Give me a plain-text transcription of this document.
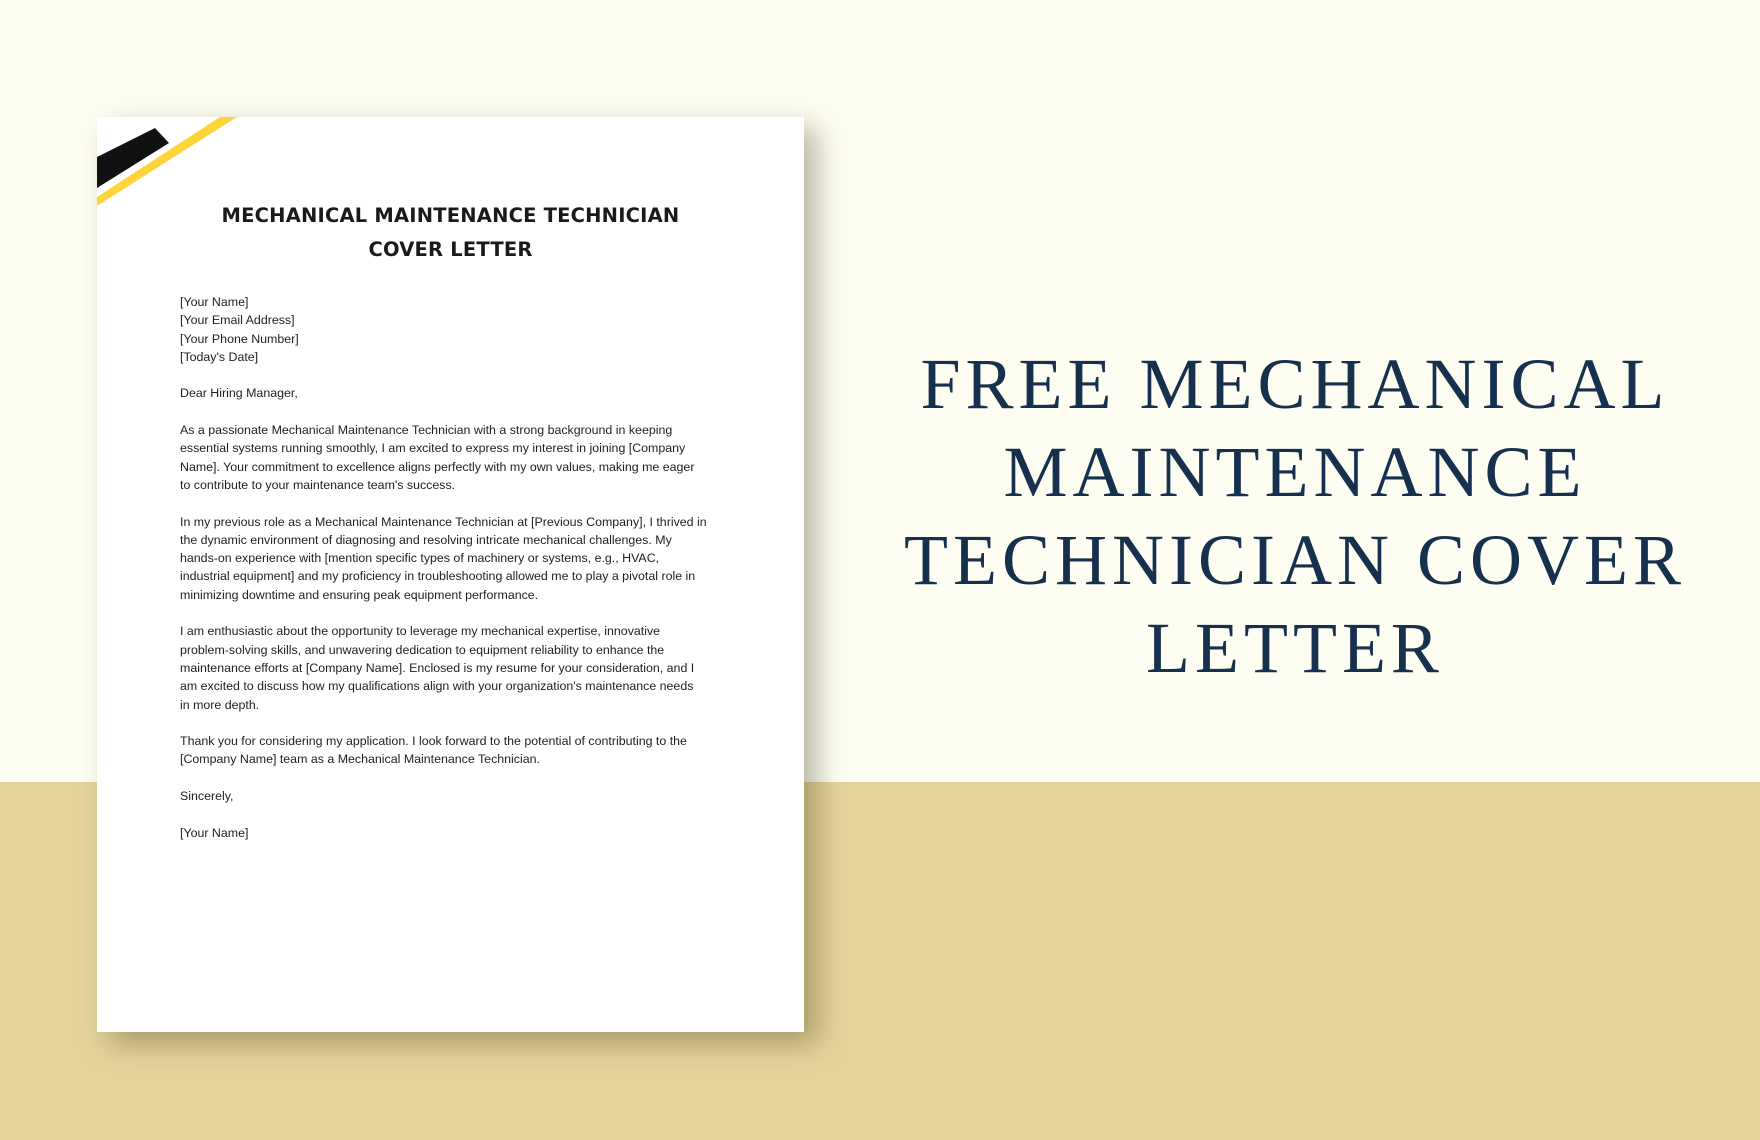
MECHANICAL MAINTENANCE TECHNICIAN
COVER LETTER
[Your Name]
[Your Email Address]
[Your Phone Number]
[Today's Date]
Dear Hiring Manager,
As a passionate Mechanical Maintenance Technician with a strong background in keeping
essential systems running smoothly, I am excited to express my interest in joining [Company
Name]. Your commitment to excellence aligns perfectly with my own values, making me eager
to contribute to your maintenance team's success.
In my previous role as a Mechanical Maintenance Technician at [Previous Company], I thrived in
the dynamic environment of diagnosing and resolving intricate mechanical challenges. My
hands-on experience with [mention specific types of machinery or systems, e.g., HVAC,
industrial equipment] and my proficiency in troubleshooting allowed me to play a pivotal role in
minimizing downtime and ensuring peak equipment performance.
I am enthusiastic about the opportunity to leverage my mechanical expertise, innovative
problem-solving skills, and unwavering dedication to equipment reliability to enhance the
maintenance efforts at [Company Name]. Enclosed is my resume for your consideration, and I
am excited to discuss how my qualifications align with your organization's maintenance needs
in more depth.
Thank you for considering my application. I look forward to the potential of contributing to the
[Company Name] team as a Mechanical Maintenance Technician.
Sincerely,
[Your Name]
FREE MECHANICAL
MAINTENANCE
TECHNICIAN COVER
LETTER
